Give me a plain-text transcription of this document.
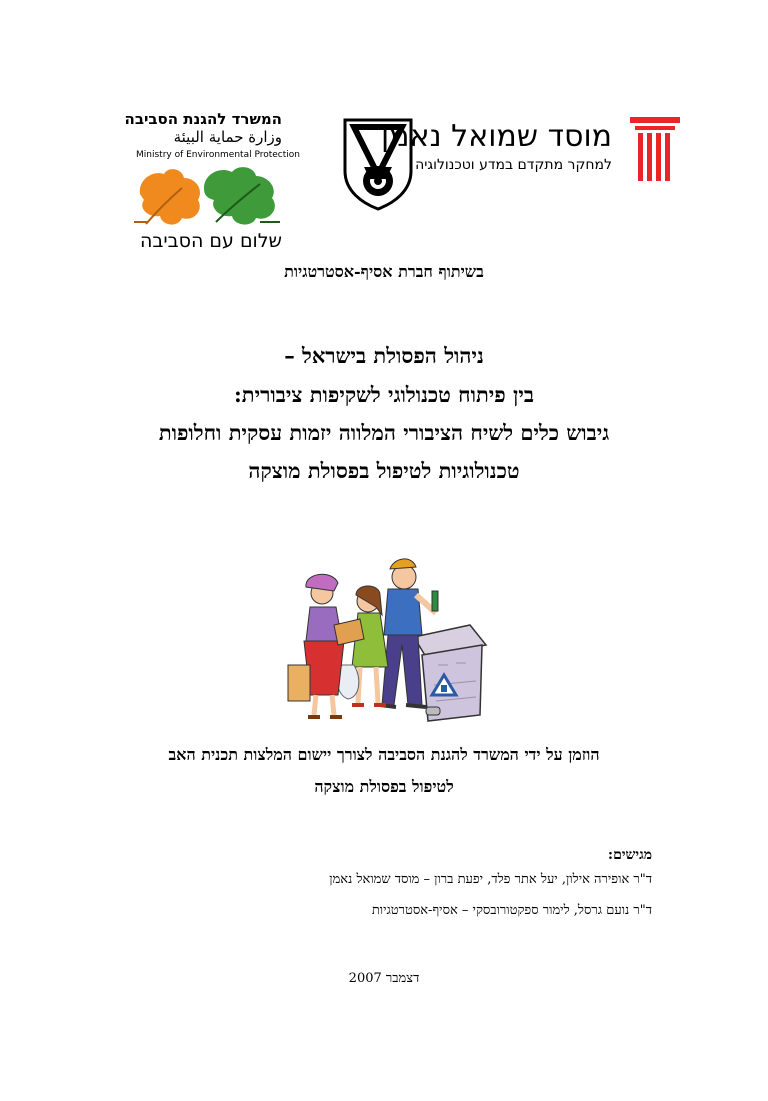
המשרד להגנת הסביבה
وزارة حماية البيئة
Ministry of Environmental Protection
שלום עם הסביבה
מוסד שמואל נאמן
למחקר מתקדם במדע וטכנולוגיה
בשיתוף חברת אסיף-אסטרטגיות
ניהול הפסולת בישראל –
בין פיתוח טכנולוגי לשקיפות ציבורית:
גיבוש כלים לשיח הציבורי המלווה יזמות עסקית וחלופות
טכנולוגיות לטיפול בפסולת מוצקה
הוזמן על ידי המשרד להגנת הסביבה לצורך יישום המלצות תכנית האב
לטיפול בפסולת מוצקה
מגישים:
ד"ר אופירה אילון, יעל אתר פלד, יפעת ברון – מוסד שמואל נאמן
ד"ר נועם גרסל, לימור ספקטורובסקי – אסיף-אסטרטגיות
דצמבר 2007
